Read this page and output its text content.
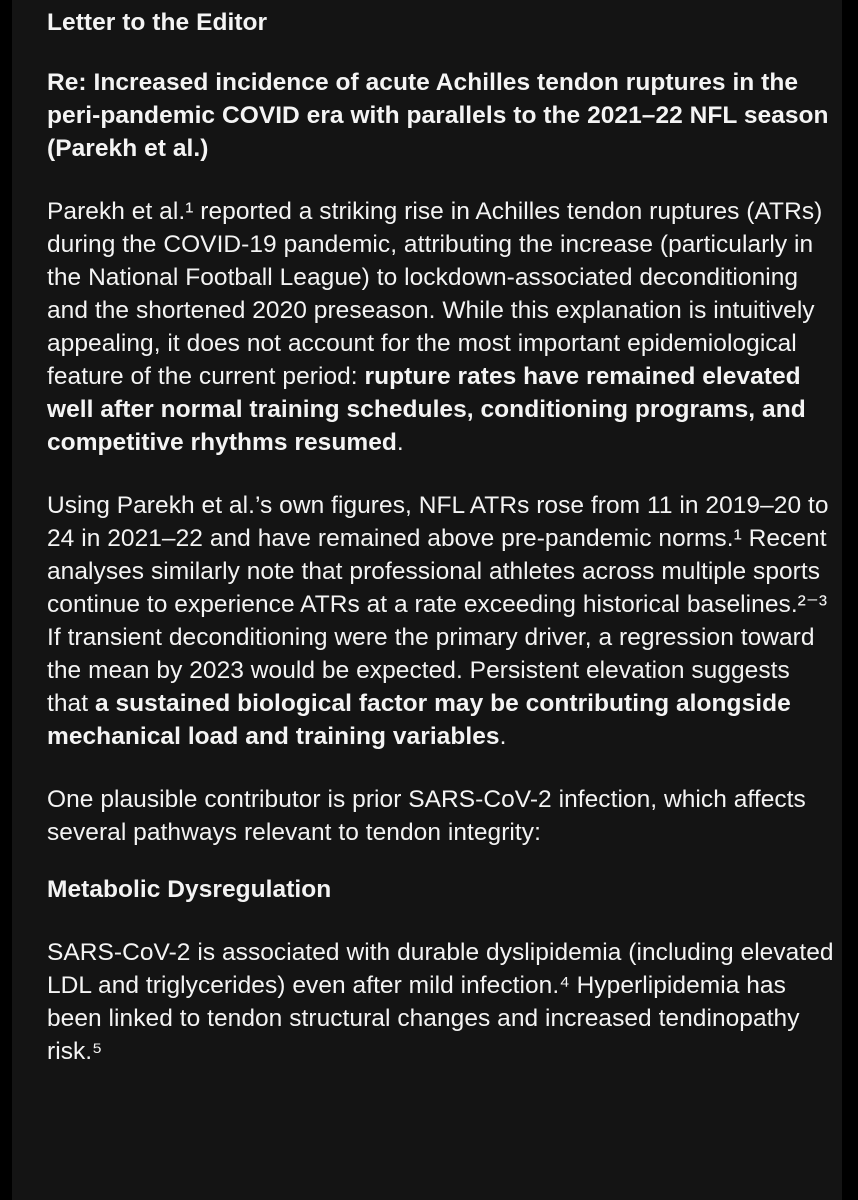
Letter to the Editor

Re: Increased incidence of acute Achilles tendon ruptures in the peri-pandemic COVID era with parallels to the 2021–22 NFL season (Parekh et al.)

Parekh et al.¹ reported a striking rise in Achilles tendon ruptures (ATRs) during the COVID-19 pandemic, attributing the increase (particularly in the National Football League) to lockdown-associated deconditioning and the shortened 2020 preseason. While this explanation is intuitively appealing, it does not account for the most important epidemiological feature of the current period: rupture rates have remained elevated well after normal training schedules, conditioning programs, and competitive rhythms resumed.

Using Parekh et al.’s own figures, NFL ATRs rose from 11 in 2019–20 to 24 in 2021–22 and have remained above pre-pandemic norms.¹ Recent analyses similarly note that professional athletes across multiple sports continue to experience ATRs at a rate exceeding historical baselines.²⁻³ If transient deconditioning were the primary driver, a regression toward the mean by 2023 would be expected. Persistent elevation suggests that a sustained biological factor may be contributing alongside mechanical load and training variables.

One plausible contributor is prior SARS-CoV-2 infection, which affects several pathways relevant to tendon integrity:

Metabolic Dysregulation

SARS-CoV-2 is associated with durable dyslipidemia (including elevated LDL and triglycerides) even after mild infection.⁴ Hyperlipidemia has been linked to tendon structural changes and increased tendinopathy risk.⁵
